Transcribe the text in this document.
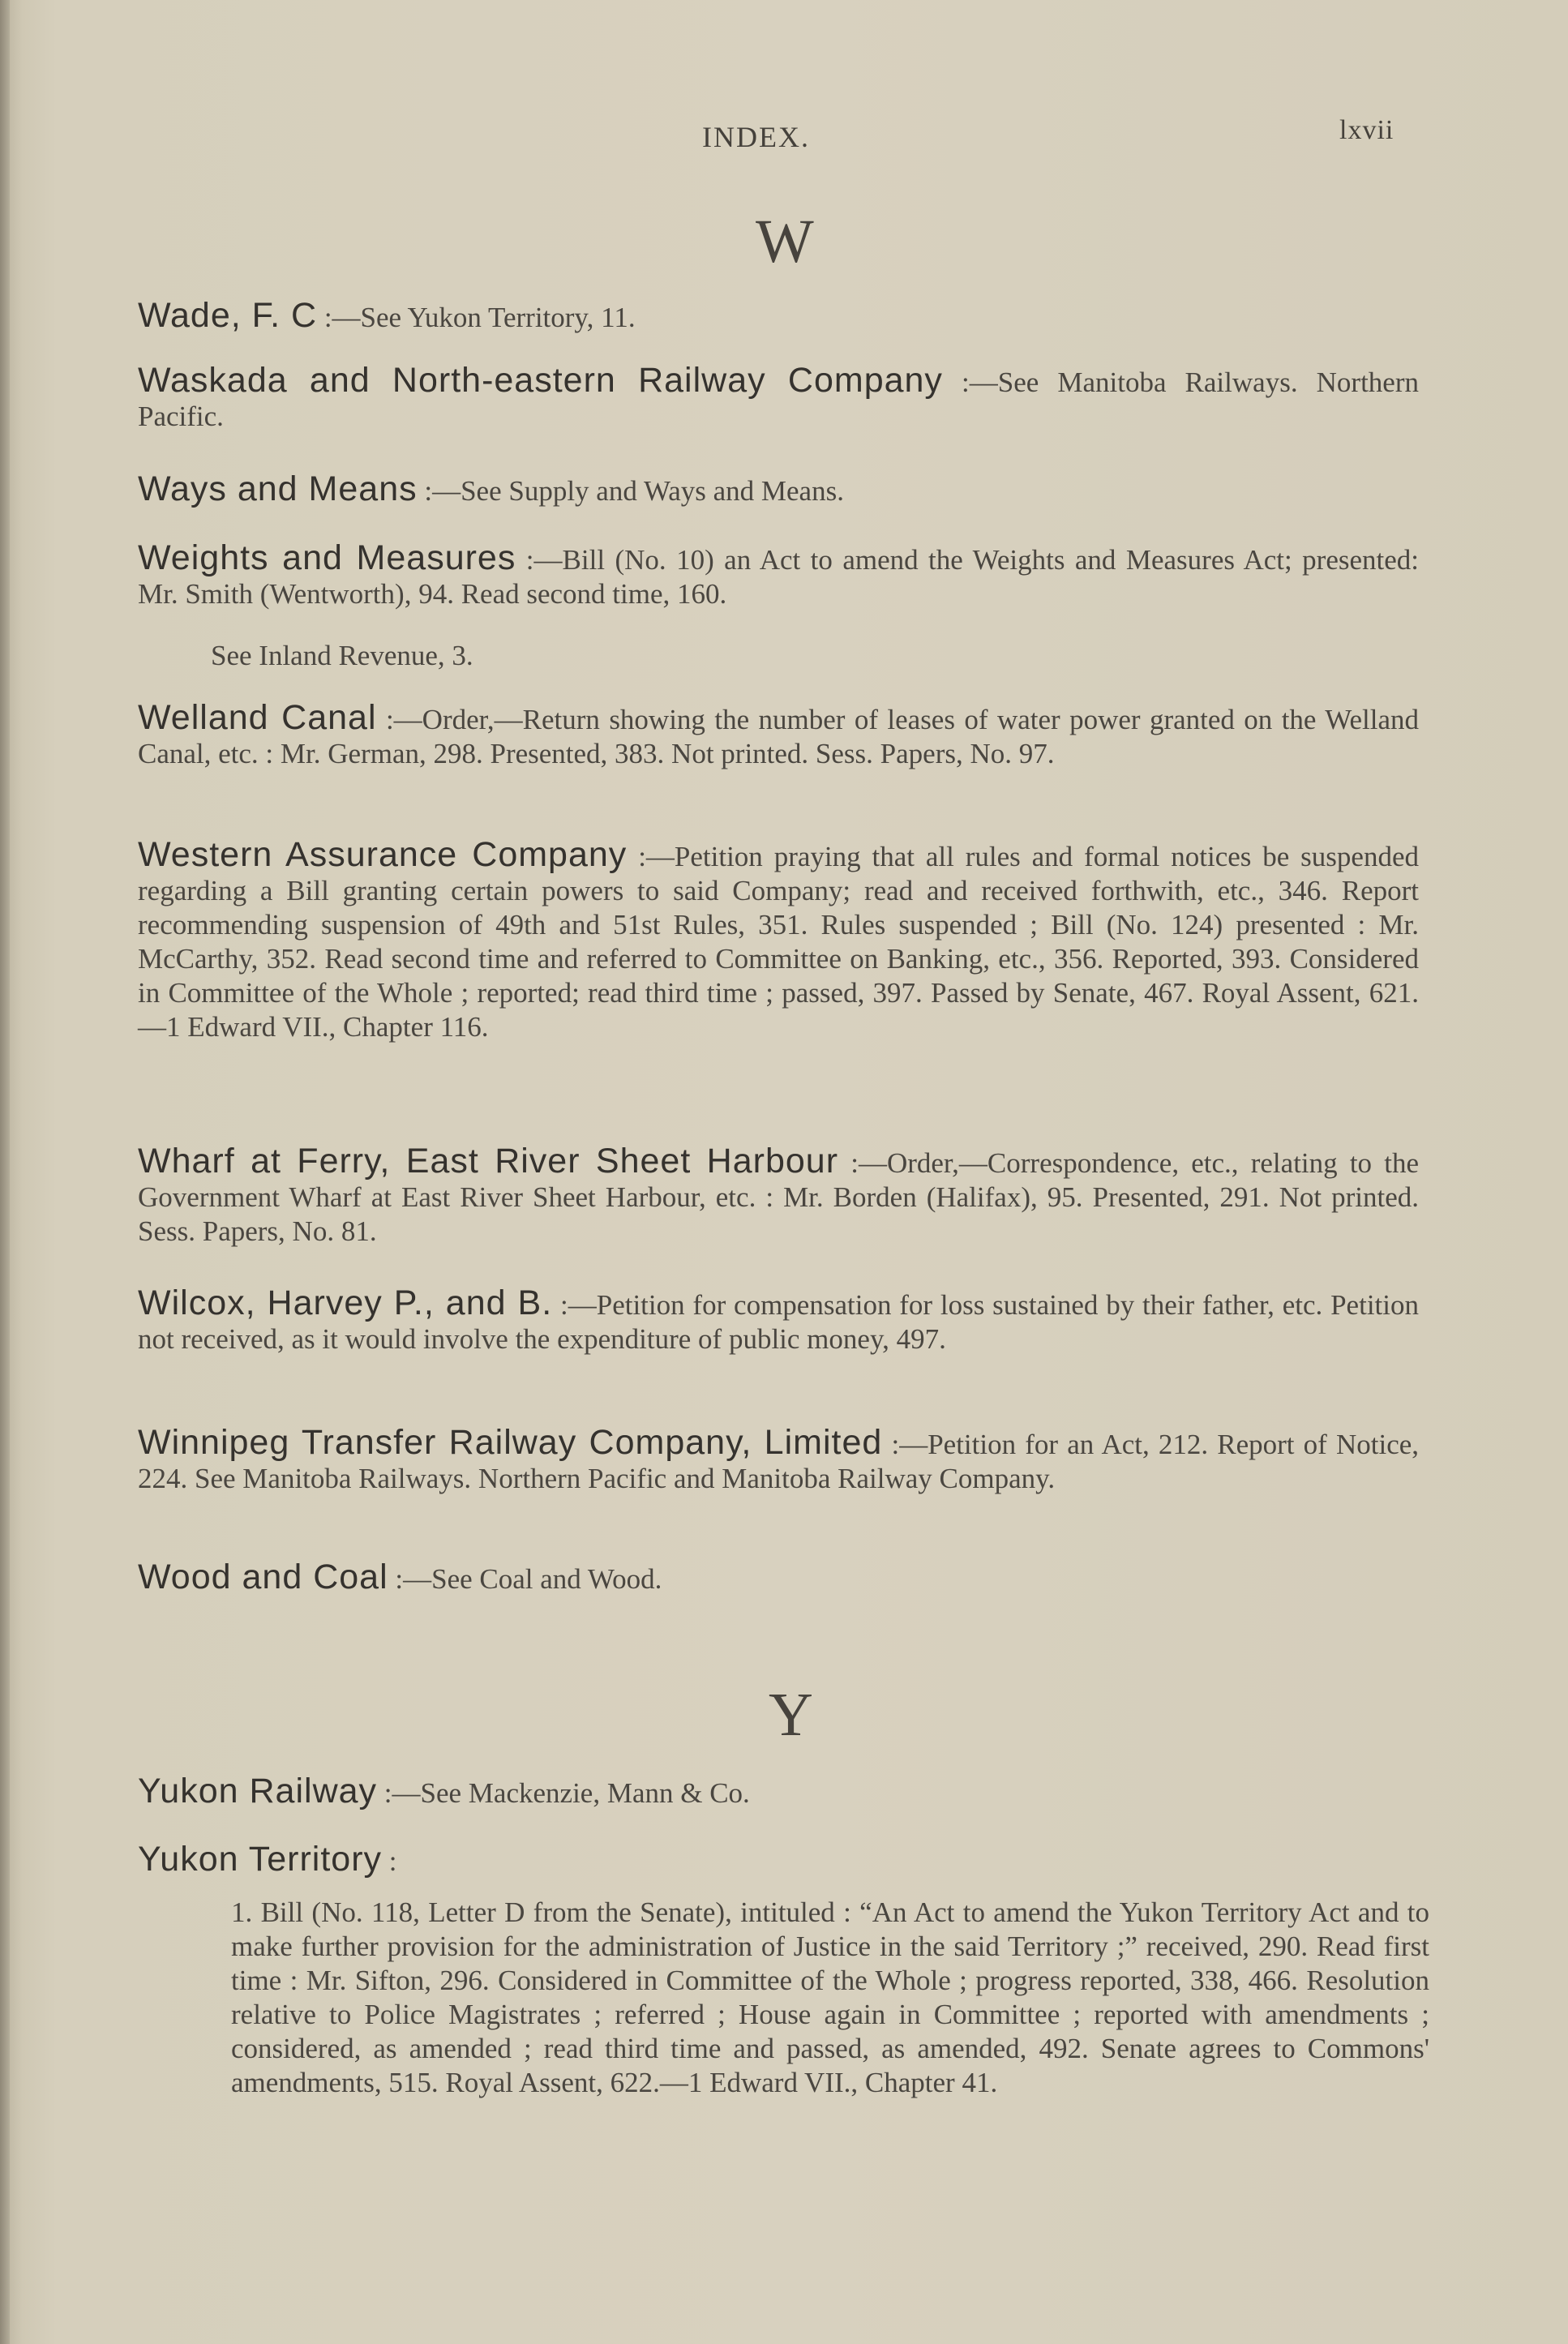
INDEX.	lxvii
W
Wade, F. C :—See Yukon Territory, 11.
Waskada and North-eastern Railway Company :—See Manitoba Railways. Northern Pacific.
Ways and Means :—See Supply and Ways and Means.
Weights and Measures :—Bill (No. 10) an Act to amend the Weights and Measures Act; presented: Mr. Smith (Wentworth), 94. Read second time, 160.
See Inland Revenue, 3.
Welland Canal :—Order,—Return showing the number of leases of water power granted on the Welland Canal, etc. : Mr. German, 298. Presented, 383. Not printed. Sess. Papers, No. 97.
Western Assurance Company :—Petition praying that all rules and formal notices be suspended regarding a Bill granting certain powers to said Company; read and received forthwith, etc., 346. Report recommending suspension of 49th and 51st Rules, 351. Rules suspended ; Bill (No. 124) presented : Mr. McCarthy, 352. Read second time and referred to Committee on Banking, etc., 356. Reported, 393. Considered in Committee of the Whole ; reported; read third time ; passed, 397. Passed by Senate, 467. Royal Assent, 621.—1 Edward VII., Chapter 116.
Wharf at Ferry, East River Sheet Harbour :—Order,—Correspondence, etc., relating to the Government Wharf at East River Sheet Harbour, etc. : Mr. Borden (Halifax), 95. Presented, 291. Not printed. Sess. Papers, No. 81.
Wilcox, Harvey P., and B. :—Petition for compensation for loss sustained by their father, etc. Petition not received, as it would involve the expenditure of public money, 497.
Winnipeg Transfer Railway Company, Limited :—Petition for an Act, 212. Report of Notice, 224. See Manitoba Railways. Northern Pacific and Manitoba Railway Company.
Wood and Coal :—See Coal and Wood.
Y
Yukon Railway :—See Mackenzie, Mann & Co.
Yukon Territory :
1. Bill (No. 118, Letter D from the Senate), intituled : “An Act to amend the Yukon Territory Act and to make further provision for the administration of Justice in the said Territory ;” received, 290. Read first time : Mr. Sifton, 296. Considered in Committee of the Whole ; progress reported, 338, 466. Resolution relative to Police Magistrates ; referred ; House again in Committee ; reported with amendments ; considered, as amended ; read third time and passed, as amended, 492. Senate agrees to Commons' amendments, 515. Royal Assent, 622.—1 Edward VII., Chapter 41.
